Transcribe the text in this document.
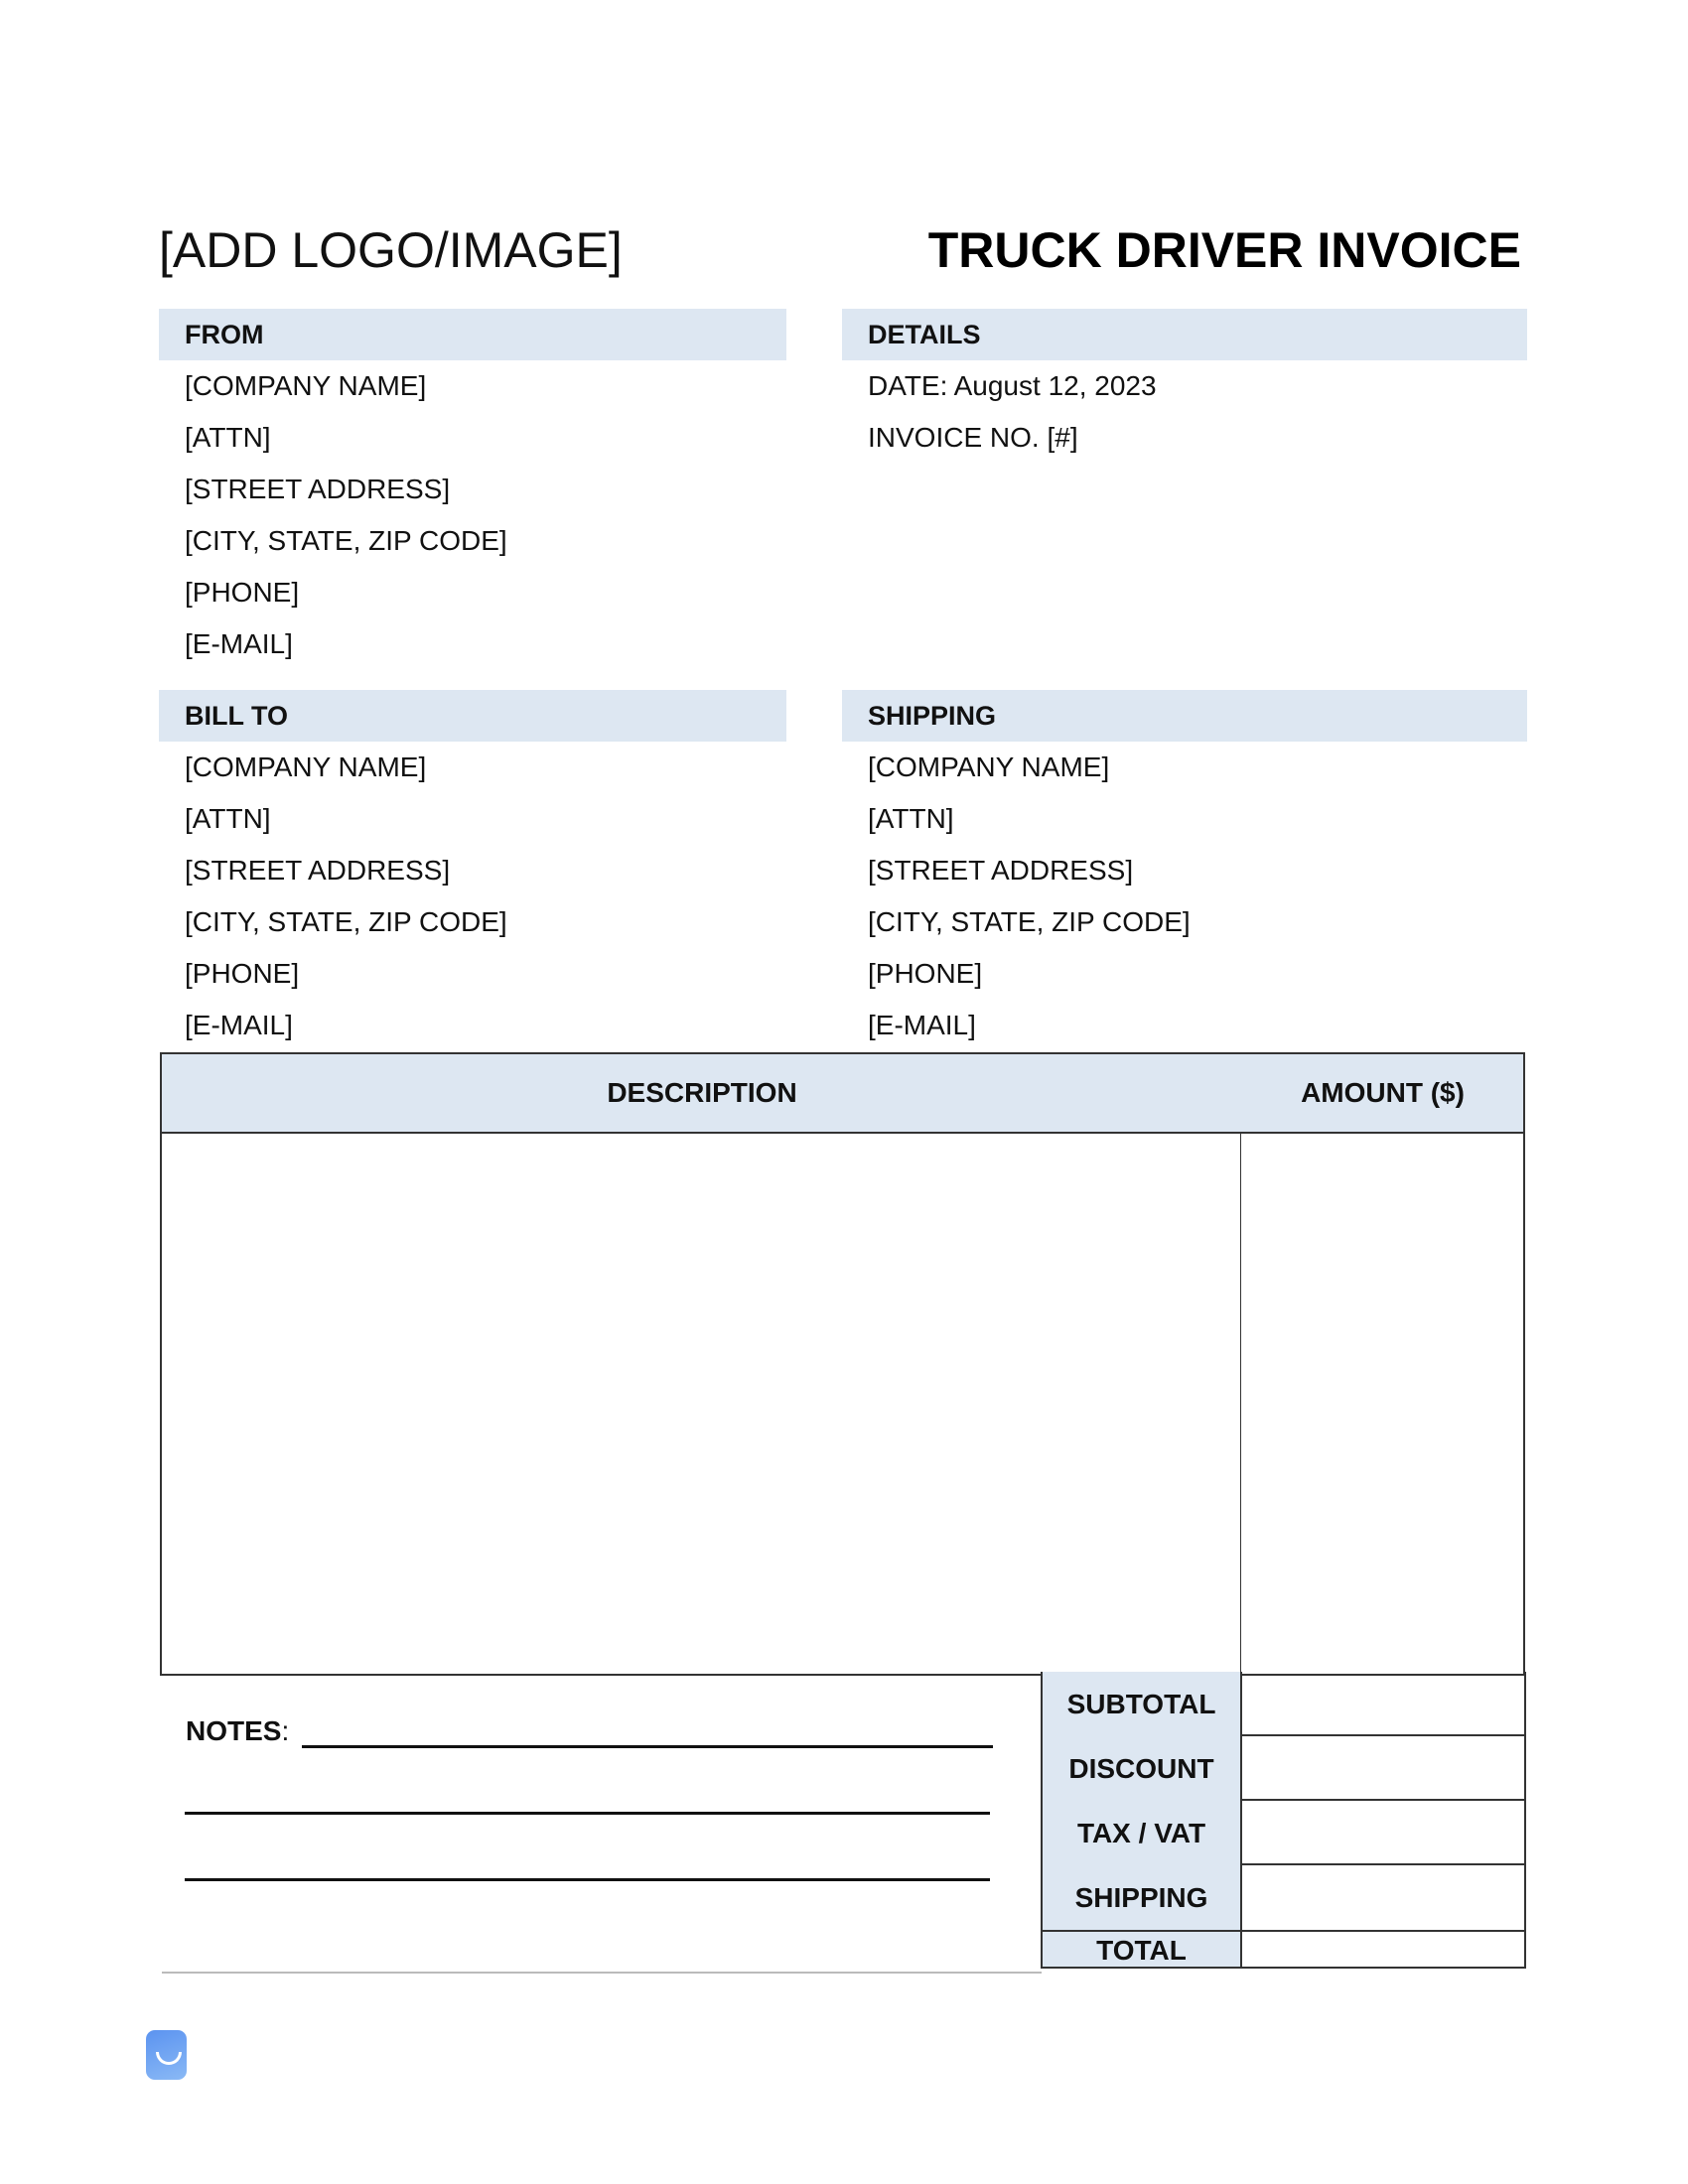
[ADD LOGO/IMAGE]	TRUCK DRIVER INVOICE
FROM
[COMPANY NAME]
[ATTN]
[STREET ADDRESS]
[CITY, STATE, ZIP CODE]
[PHONE]
[E-MAIL]
DETAILS
DATE: August 12, 2023
INVOICE NO. [#]
BILL TO
[COMPANY NAME]
[ATTN]
[STREET ADDRESS]
[CITY, STATE, ZIP CODE]
[PHONE]
[E-MAIL]
SHIPPING
[COMPANY NAME]
[ATTN]
[STREET ADDRESS]
[CITY, STATE, ZIP CODE]
[PHONE]
[E-MAIL]
DESCRIPTION	AMOUNT ($)
SUBTOTAL
DISCOUNT
TAX / VAT
SHIPPING
TOTAL
NOTES:
